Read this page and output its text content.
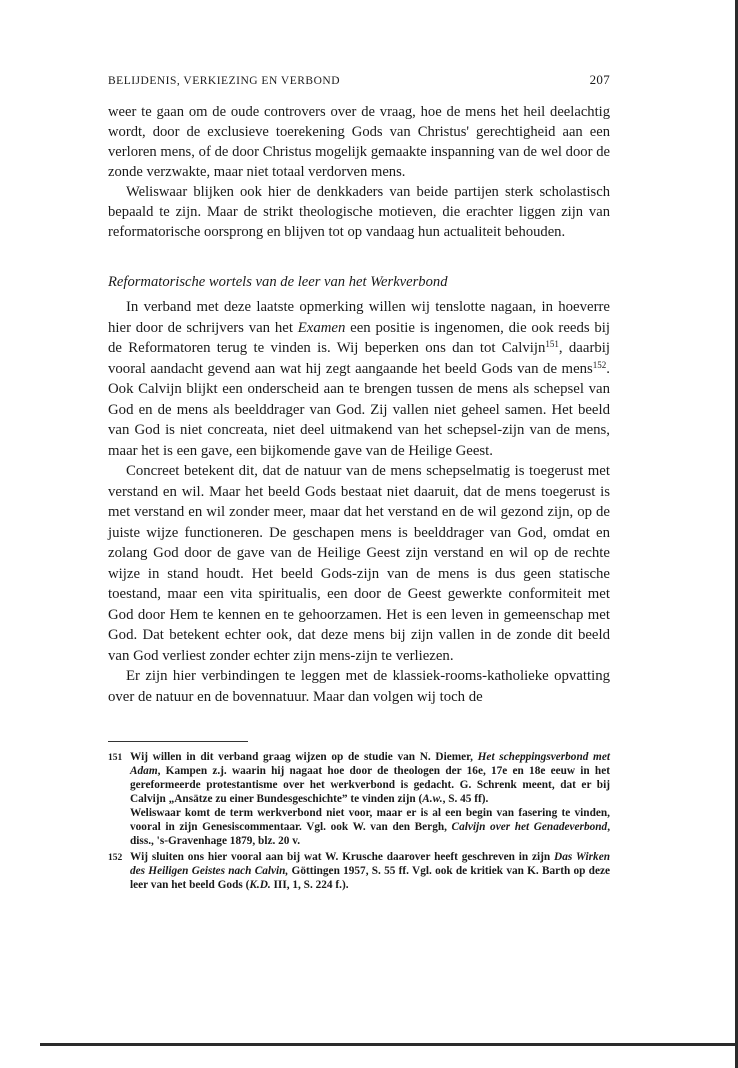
BELIJDENIS, VERKIEZING EN VERBOND	207

weer te gaan om de oude controvers over de vraag, hoe de mens het heil deelachtig wordt, door de exclusieve toerekening Gods van Christus' gerechtigheid aan een verloren mens, of de door Christus mogelijk gemaakte inspanning van de wel door de zonde verzwakte, maar niet totaal verdorven mens.

Weliswaar blijken ook hier de denkkaders van beide partijen sterk scholastisch bepaald te zijn. Maar de strikt theologische motieven, die erachter liggen zijn van reformatorische oorsprong en blijven tot op vandaag hun actualiteit behouden.

Reformatorische wortels van de leer van het Werkverbond

In verband met deze laatste opmerking willen wij tenslotte nagaan, in hoeverre hier door de schrijvers van het Examen een positie is ingenomen, die ook reeds bij de Reformatoren terug te vinden is. Wij beperken ons dan tot Calvijn$^{151}$, daarbij vooral aandacht gevend aan wat hij zegt aangaande het beeld Gods van de mens$^{152}$. Ook Calvijn blijkt een onderscheid aan te brengen tussen de mens als schepsel van God en de mens als beelddrager van God. Zij vallen niet geheel samen. Het beeld van God is niet concreata, niet deel uitmakend van het schepsel-zijn van de mens, maar het is een gave, een bijkomende gave van de Heilige Geest.

Concreet betekent dit, dat de natuur van de mens schepselmatig is toegerust met verstand en wil. Maar het beeld Gods bestaat niet daaruit, dat de mens toegerust is met verstand en wil zonder meer, maar dat het verstand en de wil gezond zijn, op de juiste wijze functioneren. De geschapen mens is beelddrager van God, omdat en zolang God door de gave van de Heilige Geest zijn verstand en wil op de rechte wijze in stand houdt. Het beeld Gods-zijn van de mens is dus geen statische toestand, maar een vita spiritualis, een door de Geest gewerkte conformiteit met God door Hem te kennen en te gehoorzamen. Het is een leven in gemeenschap met God. Dat betekent echter ook, dat deze mens bij zijn vallen in de zonde dit beeld van God verliest zonder echter zijn mens-zijn te verliezen.

Er zijn hier verbindingen te leggen met de klassiek-rooms-katholieke opvatting over de natuur en de bovennatuur. Maar dan volgen wij toch de

151 Wij willen in dit verband graag wijzen op de studie van N. Diemer, Het scheppingsverbond met Adam, Kampen z.j. waarin hij nagaat hoe door de theologen der 16e, 17e en 18e eeuw in het gereformeerde protestantisme over het werkverbond is gedacht. G. Schrenk meent, dat er bij Calvijn „Ansätze zu einer Bundesgeschichte” te vinden zijn (A.w., S. 45 ff).

Weliswaar komt de term werkverbond niet voor, maar er is al een begin van fasering te vinden, vooral in zijn Genesiscommentaar. Vgl. ook W. van den Bergh, Calvijn over het Genadeverbond, diss., 's-Gravenhage 1879, blz. 20 v.

152 Wij sluiten ons hier vooral aan bij wat W. Krusche daarover heeft geschreven in zijn Das Wirken des Heiligen Geistes nach Calvin, Göttingen 1957, S. 55 ff. Vgl. ook de kritiek van K. Barth op deze leer van het beeld Gods (K.D. III, 1, S. 224 f.).
